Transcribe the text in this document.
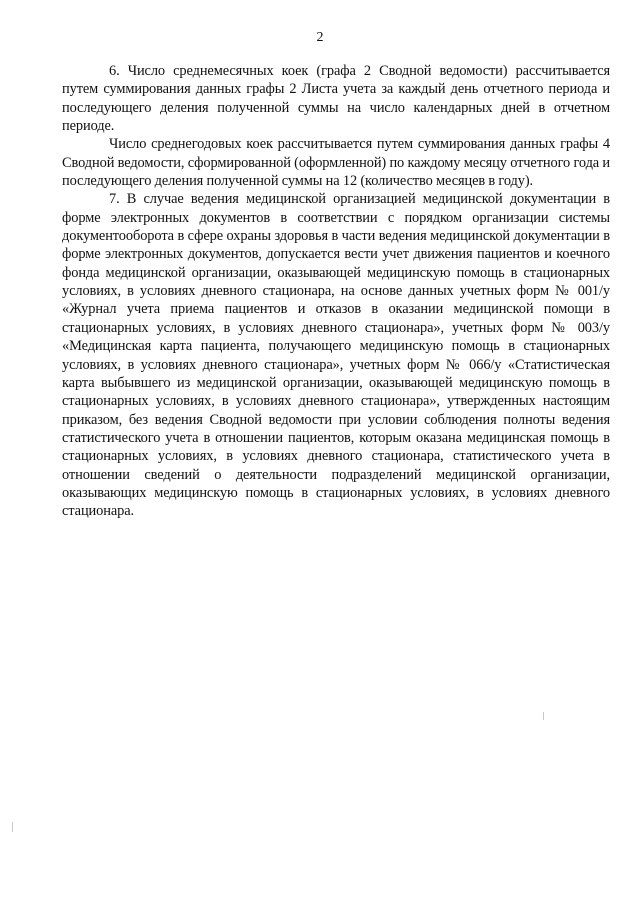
2

6. Число среднемесячных коек (графа 2 Сводной ведомости) рассчитывается путем суммирования данных графы 2 Листа учета за каждый день отчетного периода и последующего деления полученной суммы на число календарных дней в отчетном периоде.

Число среднегодовых коек рассчитывается путем суммирования данных графы 4 Сводной ведомости, сформированной (оформленной) по каждому месяцу отчетного года и последующего деления полученной суммы на 12 (количество месяцев в году).

7. В случае ведения медицинской организацией медицинской документации в форме электронных документов в соответствии с порядком организации системы документооборота в сфере охраны здоровья в части ведения медицинской документации в форме электронных документов, допускается вести учет движения пациентов и коечного фонда медицинской организации, оказывающей медицинскую помощь в стационарных условиях, в условиях дневного стационара, на основе данных учетных форм № 001/у «Журнал учета приема пациентов и отказов в оказании медицинской помощи в стационарных условиях, в условиях дневного стационара», учетных форм № 003/у «Медицинская карта пациента, получающего медицинскую помощь в стационарных условиях, в условиях дневного стационара», учетных форм № 066/у «Статистическая карта выбывшего из медицинской организации, оказывающей медицинскую помощь в стационарных условиях, в условиях дневного стационара», утвержденных настоящим приказом, без ведения Сводной ведомости при условии соблюдения полноты ведения статистического учета в отношении пациентов, которым оказана медицинская помощь в стационарных условиях, в условиях дневного стационара, статистического учета в отношении сведений о деятельности подразделений медицинской организации, оказывающих медицинскую помощь в стационарных условиях, в условиях дневного стационара.
